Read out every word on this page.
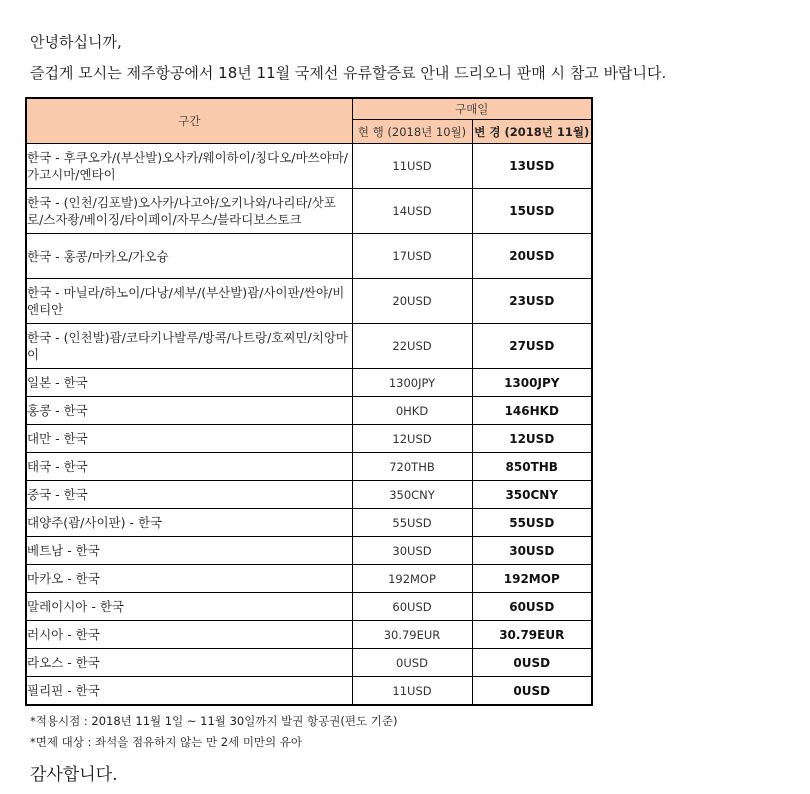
안녕하십니까,
즐겁게 모시는 제주항공에서 18년 11월 국제선 유류할증료 안내 드리오니 판매 시 참고 바랍니다.
구간	구매일	
	현 행 (2018년 10월)	변 경 (2018년 11월)
한국 - 후쿠오카/(부산발)오사카/웨이하이/칭다오/마쓰야마/가고시마/옌타이	11USD	13USD
한국 - (인천/김포발)오사카/나고야/오키나와/나리타/삿포로/스자좡/베이징/타이페이/자무스/블라디보스토크	14USD	15USD
한국 - 홍콩/마카오/가오슝	17USD	20USD
한국 - 마닐라/하노이/다낭/세부/(부산발)괌/사이판/싼야/비엔티안	20USD	23USD
한국 - (인천발)괌/코타키나발루/방콕/나트랑/호찌민/치앙마이	22USD	27USD
일본 - 한국	1300JPY	1300JPY
홍콩 - 한국	0HKD	146HKD
대만 - 한국	12USD	12USD
태국 - 한국	720THB	850THB
중국 - 한국	350CNY	350CNY
대양주(괌/사이판) - 한국	55USD	55USD
베트남 - 한국	30USD	30USD
마카오 - 한국	192MOP	192MOP
말레이시아 - 한국	60USD	60USD
러시아 - 한국	30.79EUR	30.79EUR
라오스 - 한국	0USD	0USD
필리핀 - 한국	11USD	0USD
*적용시점 : 2018년 11월 1일 ~ 11월 30일까지 발권 항공권(편도 기준)
*면제 대상 : 좌석을 점유하지 않는 만 2세 미만의 유아
감사합니다.
